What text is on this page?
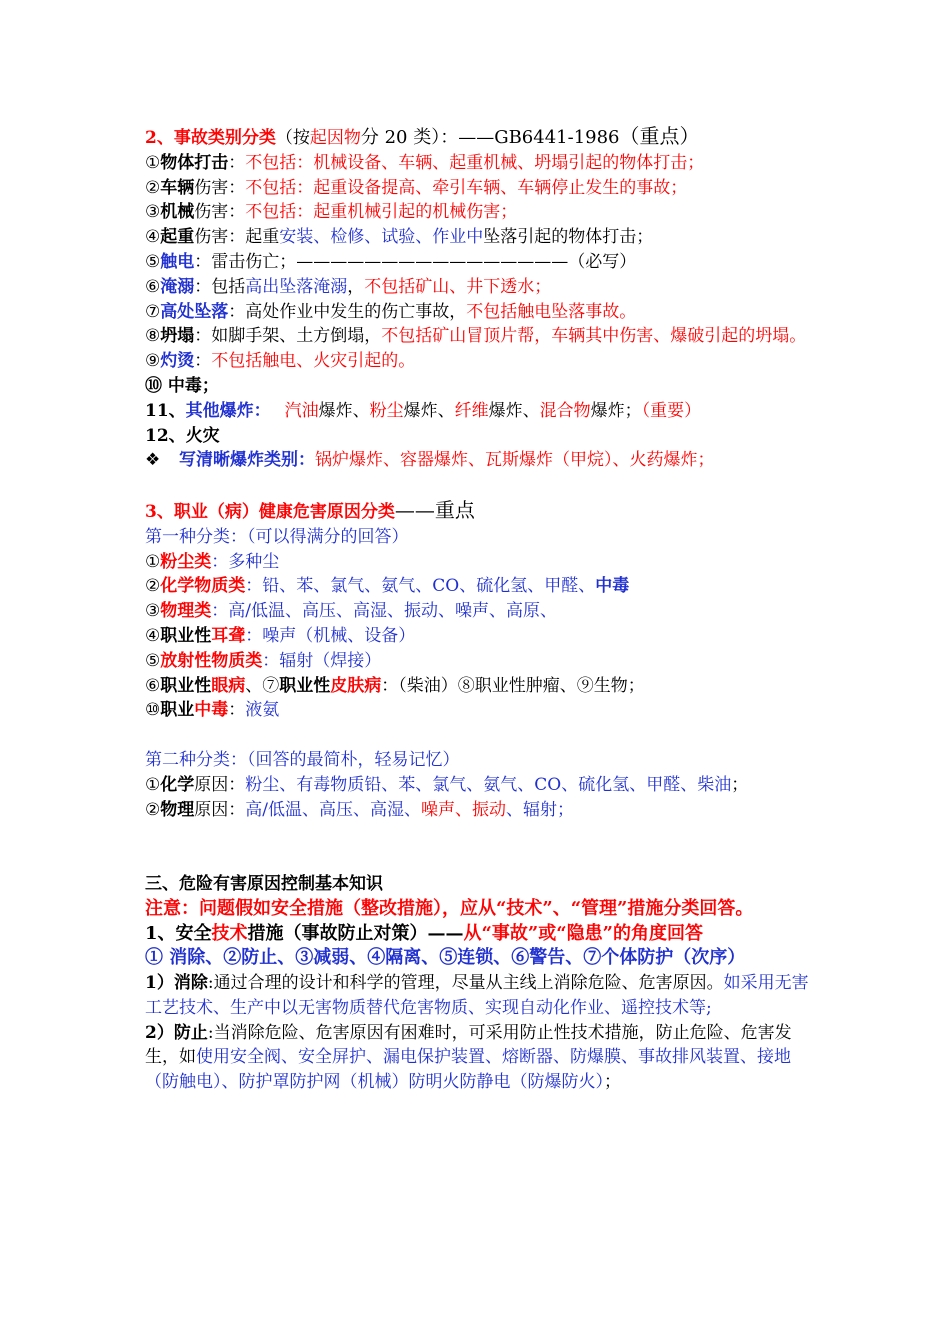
2、事故类别分类（按起因物分 20 类）：——GB6441-1986（重点）
①物体打击：不包括：机械设备、车辆、起重机械、坍塌引起的物体打击；
②车辆伤害：不包括：起重设备提高、牵引车辆、车辆停止发生的事故；
③机械伤害：不包括：起重机械引起的机械伤害；
④起重伤害：起重安装、检修、试验、作业中坠落引起的物体打击；
⑤触电：雷击伤亡；————————————————（必写）
⑥淹溺：包括高出坠落淹溺，不包括矿山、井下透水；
⑦高处坠落：高处作业中发生的伤亡事故，不包括触电坠落事故。
⑧坍塌：如脚手架、土方倒塌，不包括矿山冒顶片帮，车辆其中伤害、爆破引起的坍塌。
⑨灼烫：不包括触电、火灾引起的。
⑩ 中毒；
11、其他爆炸： 汽油爆炸、粉尘爆炸、纤维爆炸、混合物爆炸；（重要）
12、火灾
❖ 写清晰爆炸类别：锅炉爆炸、容器爆炸、瓦斯爆炸（甲烷）、火药爆炸；
3、职业（病）健康危害原因分类——重点
第一种分类：（可以得满分的回答）
①粉尘类：多种尘
②化学物质类：铅、苯、氯气、氨气、CO、硫化氢、甲醛、中毒
③物理类：高/低温、高压、高湿、振动、噪声、高原、
④职业性耳聋：噪声（机械、设备）
⑤放射性物质类：辐射（焊接）
⑥职业性眼病、⑦职业性皮肤病：（柴油）⑧职业性肿瘤、⑨生物；
⑩职业中毒：液氨
第二种分类：（回答的最简朴，轻易记忆）
①化学原因：粉尘、有毒物质铅、苯、氯气、氨气、CO、硫化氢、甲醛、柴油；
②物理原因：高/低温、高压、高湿、噪声、振动、辐射；
三、危险有害原因控制基本知识
注意：问题假如安全措施（整改措施），应从“技术”、“管理”措施分类回答。
1、安全技术措施（事故防止对策）——从“事故”或“隐患”的角度回答
① 消除、②防止、③减弱、④隔离、⑤连锁、⑥警告、⑦个体防护（次序）
1）消除:通过合理的设计和科学的管理，尽量从主线上消除危险、危害原因。如采用无害工艺技术、生产中以无害物质替代危害物质、实现自动化作业、遥控技术等;
2）防止:当消除危险、危害原因有困难时，可采用防止性技术措施，防止危险、危害发生，如使用安全阀、安全屏护、漏电保护装置、熔断器、防爆膜、事故排风装置、接地（防触电）、防护罩防护网（机械）防明火防静电（防爆防火）；
